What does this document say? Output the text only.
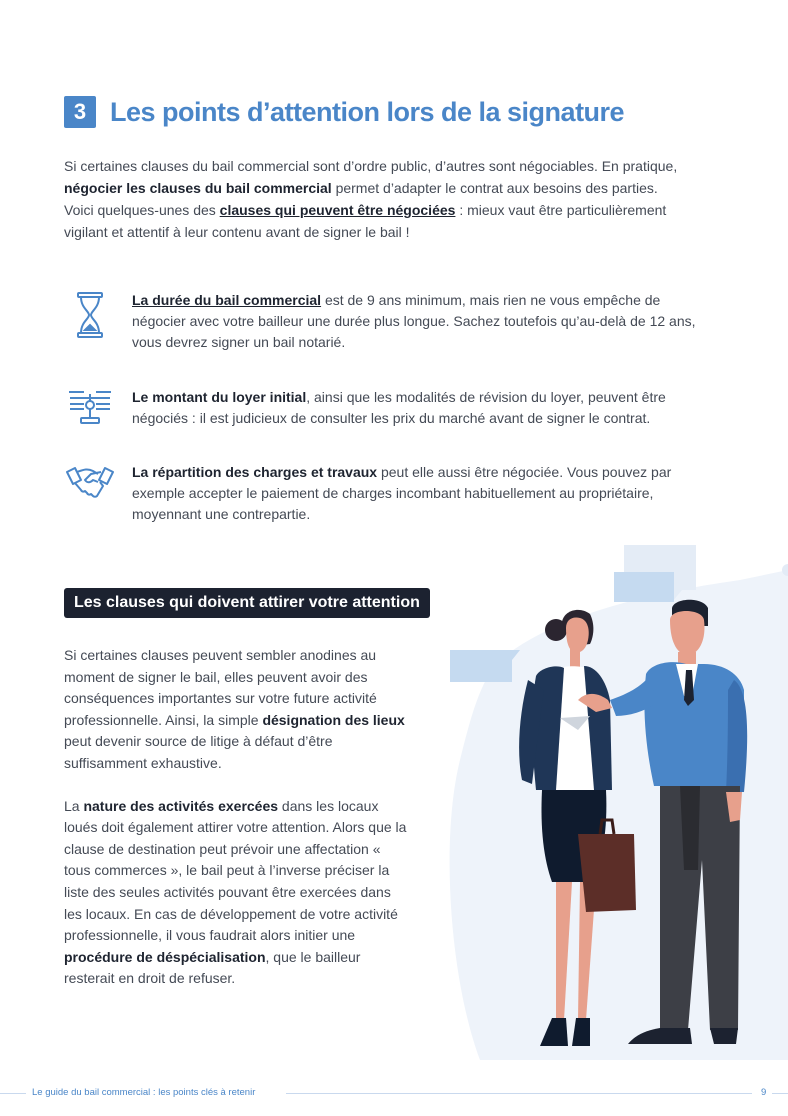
3 Les points d’attention lors de la signature

Si certaines clauses du bail commercial sont d’ordre public, d’autres sont négociables. En pratique,

négocier les clauses du bail commercial permet d’adapter le contrat aux besoins des parties.

Voici quelques-unes des clauses qui peuvent être négociées : mieux vaut être particulièrement

vigilant et attentif à leur contenu avant de signer le bail !

La durée du bail commercial est de 9 ans minimum, mais rien ne vous empêche de négocier avec votre bailleur une durée plus longue. Sachez toutefois qu’au-delà de 12 ans, vous devrez signer un bail notarié.
Le montant du loyer initial, ainsi que les modalités de révision du loyer, peuvent être négociés : il est judicieux de consulter les prix du marché avant de signer le contrat.
La répartition des charges et travaux peut elle aussi être négociée. Vous pouvez par exemple accepter le paiement de charges incombant habituellement au propriétaire, moyennant une contrepartie.
Les clauses qui doivent attirer votre attention

Si certaines clauses peuvent sembler anodines au moment de signer le bail, elles peuvent avoir des conséquences importantes sur votre future activité professionnelle. Ainsi, la simple désignation des lieux peut devenir source de litige à défaut d’être suffisamment exhaustive.

La nature des activités exercées dans les locaux loués doit également attirer votre attention. Alors que la clause de destination peut prévoir une affectation « tous commerces », le bail peut à l’inverse préciser la liste des seules activités pouvant être exercées dans les locaux. En cas de développement de votre activité professionnelle, il vous faudrait alors initier une procédure de déspécialisation, que le bailleur resterait en droit de refuser.

Le guide du bail commercial : les points clés à retenir	9
